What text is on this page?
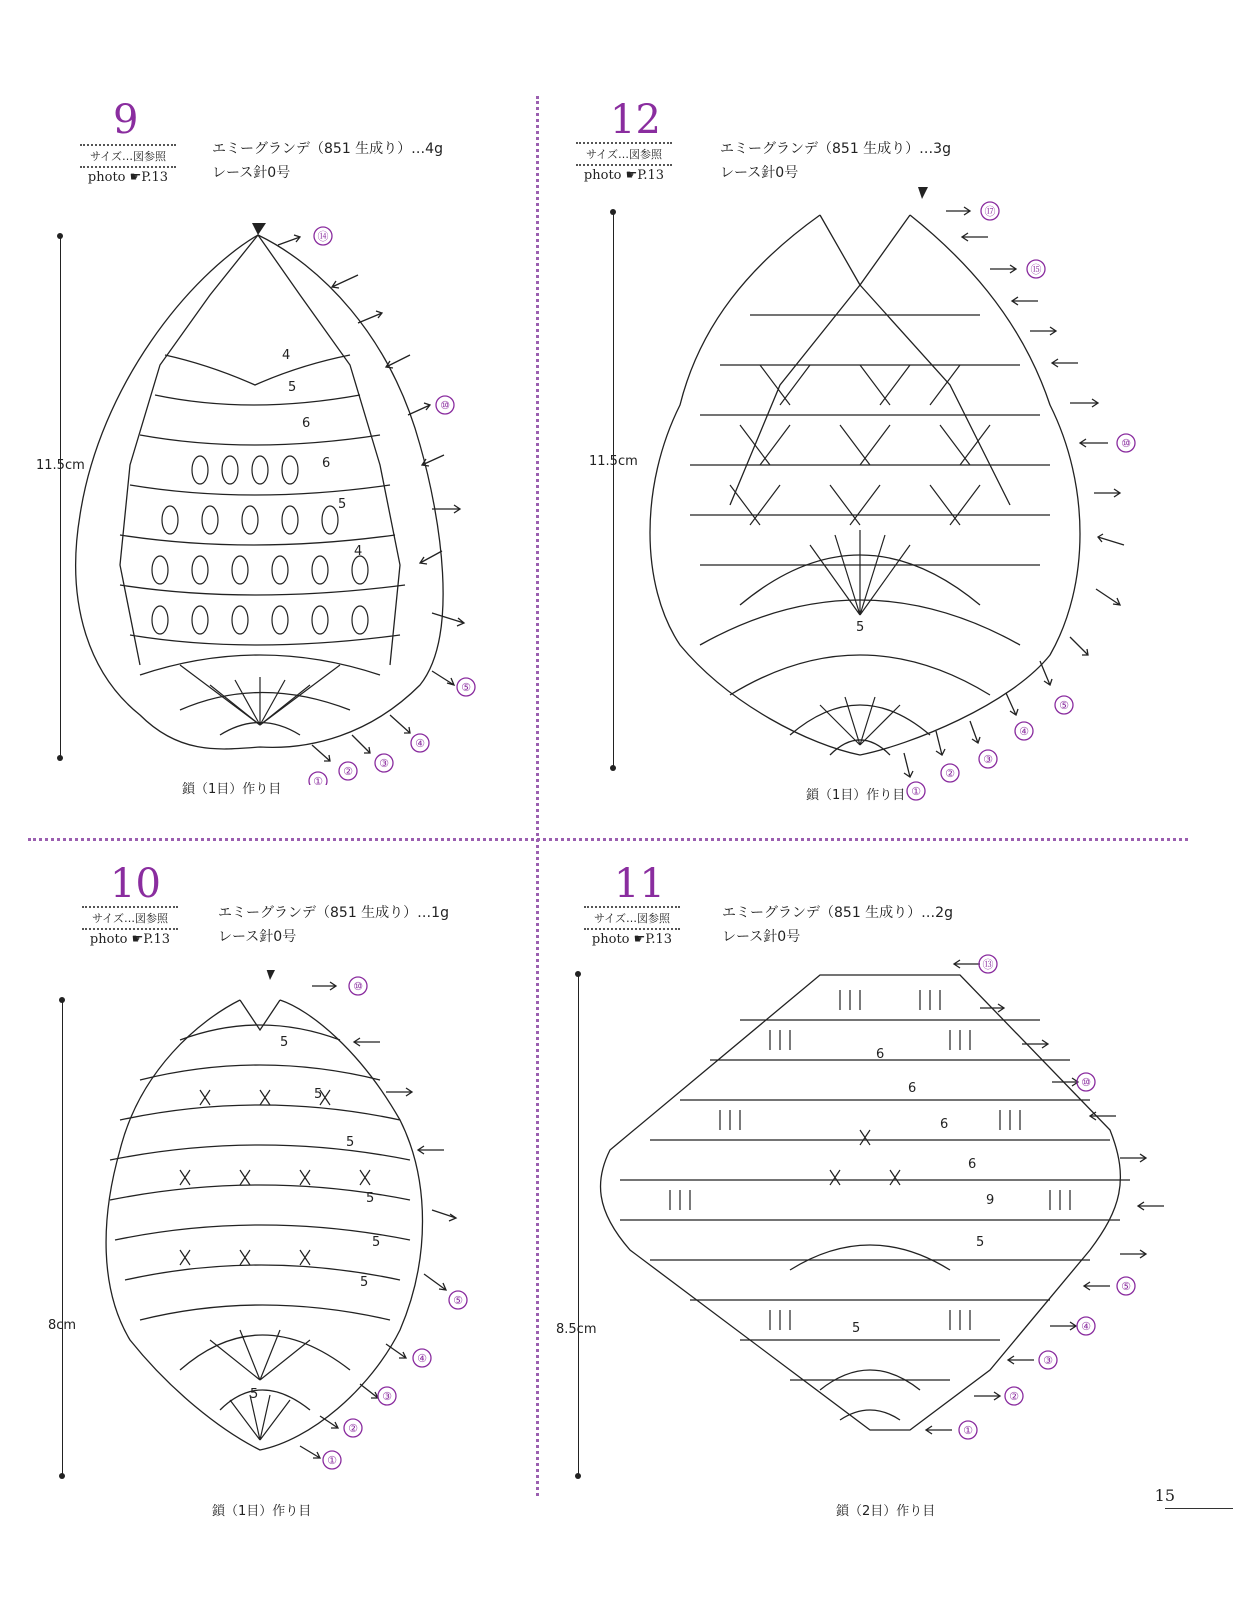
9
サイズ…図参照
photo ☛P.13
エミーグランデ（851 生成り）…4g
レース針0号
11.5cm
鎖（1目）作り目
4
5
6
6
5
4
⑭
⑩
⑤
④
③
②
①
12
サイズ…図参照
photo ☛P.13
エミーグランデ（851 生成り）…3g
レース針0号
11.5cm
鎖（1目）作り目
5
⑰
⑮
⑩
⑤
④
③
②
①
10
サイズ…図参照
photo ☛P.13
エミーグランデ（851 生成り）…1g
レース針0号
8cm
鎖（1目）作り目
5
5
5
5
5
5
5
⑩
⑤
④
③
②
①
11
サイズ…図参照
photo ☛P.13
エミーグランデ（851 生成り）…2g
レース針0号
8.5cm
鎖（2目）作り目
6
6
6
6
9
5
5
⑬
⑩
⑤
④
③
②
①
15
